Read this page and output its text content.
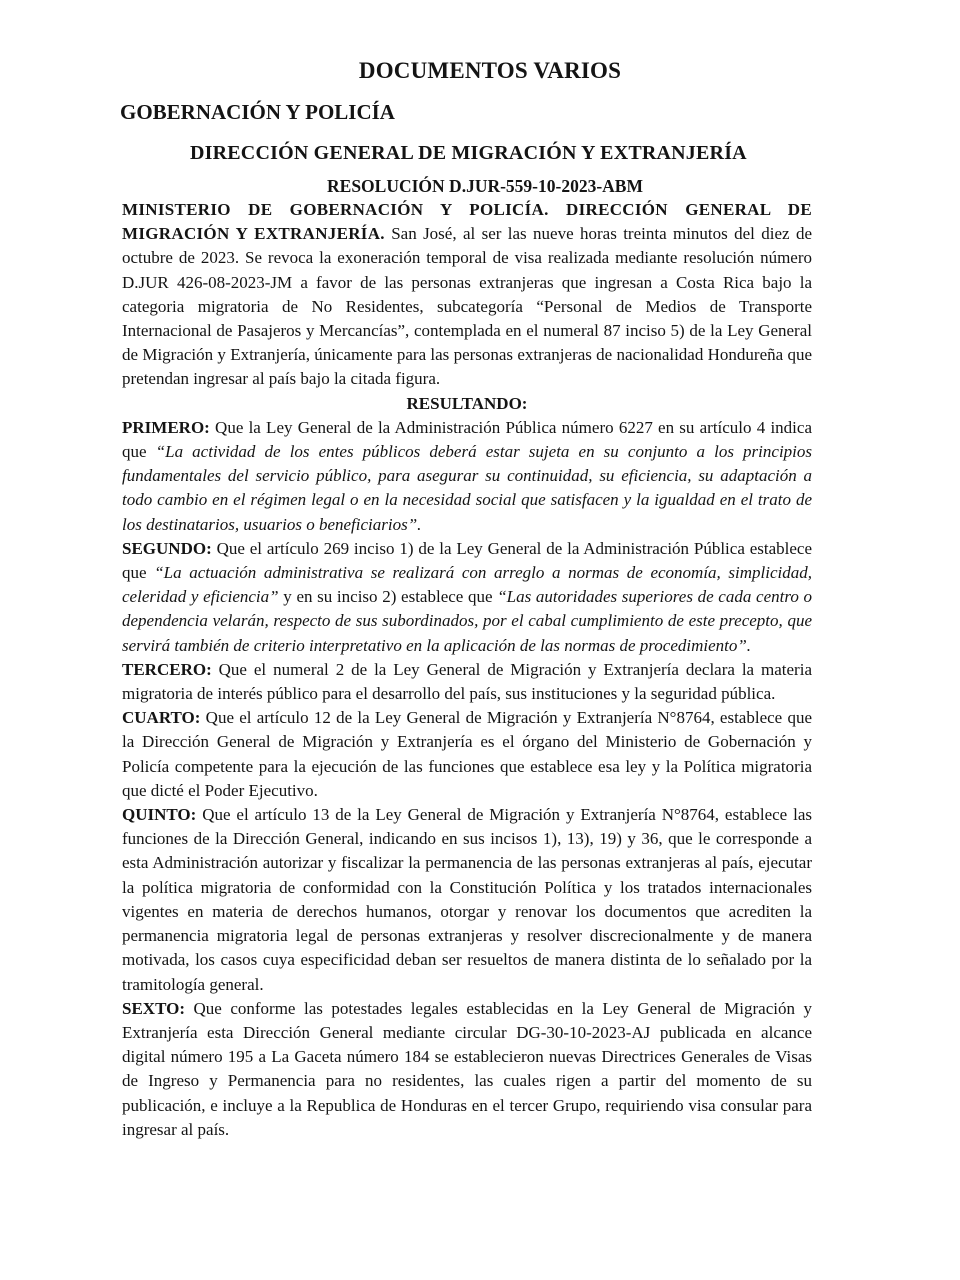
DOCUMENTOS VARIOS
GOBERNACIÓN Y POLICÍA
DIRECCIÓN GENERAL DE MIGRACIÓN Y EXTRANJERÍA
RESOLUCIÓN D.JUR-559-10-2023-ABM

MINISTERIO DE GOBERNACIÓN Y POLICÍA. DIRECCIÓN GENERAL DE MIGRACIÓN Y EXTRANJERÍA. San José, al ser las nueve horas treinta minutos del diez de octubre de 2023. Se revoca la exoneración temporal de visa realizada mediante resolución número D.JUR 426-08-2023-JM a favor de las personas extranjeras que ingresan a Costa Rica bajo la categoria migratoria de No Residentes, subcategoría “Personal de Medios de Transporte Internacional de Pasajeros y Mercancías”, contemplada en el numeral 87 inciso 5) de la Ley General de Migración y Extranjería, únicamente para las personas extranjeras de nacionalidad Hondureña que pretendan ingresar al país bajo la citada figura.

RESULTANDO:

PRIMERO: Que la Ley General de la Administración Pública número 6227 en su artículo 4 indica que “La actividad de los entes públicos deberá estar sujeta en su conjunto a los principios fundamentales del servicio público, para asegurar su continuidad, su eficiencia, su adaptación a todo cambio en el régimen legal o en la necesidad social que satisfacen y la igualdad en el trato de los destinatarios, usuarios o beneficiarios”.

SEGUNDO: Que el artículo 269 inciso 1) de la Ley General de la Administración Pública establece que “La actuación administrativa se realizará con arreglo a normas de economía, simplicidad, celeridad y eficiencia” y en su inciso 2) establece que “Las autoridades superiores de cada centro o dependencia velarán, respecto de sus subordinados, por el cabal cumplimiento de este precepto, que servirá también de criterio interpretativo en la aplicación de las normas de procedimiento”.

TERCERO: Que el numeral 2 de la Ley General de Migración y Extranjería declara la materia migratoria de interés público para el desarrollo del país, sus instituciones y la seguridad pública.

CUARTO: Que el artículo 12 de la Ley General de Migración y Extranjería N°8764, establece que la Dirección General de Migración y Extranjería es el órgano del Ministerio de Gobernación y Policía competente para la ejecución de las funciones que establece esa ley y la Política migratoria que dicté el Poder Ejecutivo.

QUINTO: Que el artículo 13 de la Ley General de Migración y Extranjería N°8764, establece las funciones de la Dirección General, indicando en sus incisos 1), 13), 19) y 36, que le corresponde a esta Administración autorizar y fiscalizar la permanencia de las personas extranjeras al país, ejecutar la política migratoria de conformidad con la Constitución Política y los tratados internacionales vigentes en materia de derechos humanos, otorgar y renovar los documentos que acrediten la permanencia migratoria legal de personas extranjeras y resolver discrecionalmente y de manera motivada, los casos cuya especificidad deban ser resueltos de manera distinta de lo señalado por la tramitología general.

SEXTO: Que conforme las potestades legales establecidas en la Ley General de Migración y Extranjería esta Dirección General mediante circular DG-30-10-2023-AJ publicada en alcance digital número 195 a La Gaceta número 184 se establecieron nuevas Directrices Generales de Visas de Ingreso y Permanencia para no residentes, las cuales rigen a partir del momento de su publicación, e incluye a la Republica de Honduras en el tercer Grupo, requiriendo visa consular para ingresar al país.
